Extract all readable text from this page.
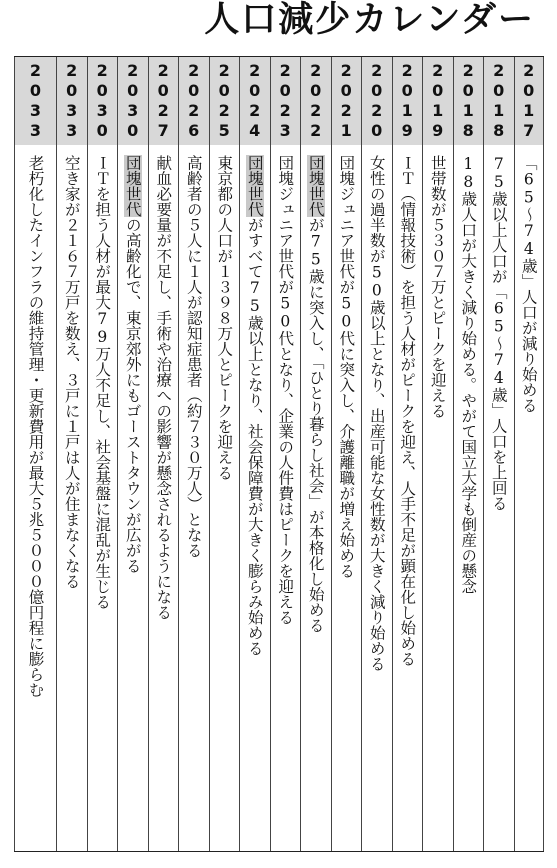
人口減少カレンダー
2
0
1
7
「65～74歳」人口が減り始める
2
0
1
8
75歳以上人口が「65～74歳」人口を上回る
2
0
1
8
18歳人口が大きく減り始める。やがて国立大学も倒産の懸念
2
0
1
9
世帯数が５３０７万とピークを迎える
2
0
1
9
ＩＴ（情報技術）を担う人材がピークを迎え、人手不足が顕在化し始める
2
0
2
0
女性の過半数が50歳以上となり、出産可能な女性数が大きく減り始める
2
0
2
1
団塊ジュニア世代が50代に突入し、介護離職が増え始める
2
0
2
2
団塊世代が75歳に突入し、「ひとり暮らし社会」が本格化し始める
2
0
2
3
団塊ジュニア世代が50代となり、企業の人件費はピークを迎える
2
0
2
4
団塊世代がすべて75歳以上となり、社会保障費が大きく膨らみ始める
2
0
2
5
東京都の人口が１３９８万人とピークを迎える
2
0
2
6
高齢者の５人に１人が認知症患者（約７３０万人）となる
2
0
2
7
献血必要量が不足し、手術や治療への影響が懸念されるようになる
2
0
3
0
団塊世代の高齢化で、東京郊外にもゴーストタウンが広がる
2
0
3
0
ＩＴを担う人材が最大79万人不足し、社会基盤に混乱が生じる
2
0
3
3
空き家が２１６７万戸を数え、３戸に１戸は人が住まなくなる
2
0
3
3
老朽化したインフラの維持管理・更新費用が最大５兆５０００億円程に膨らむ
